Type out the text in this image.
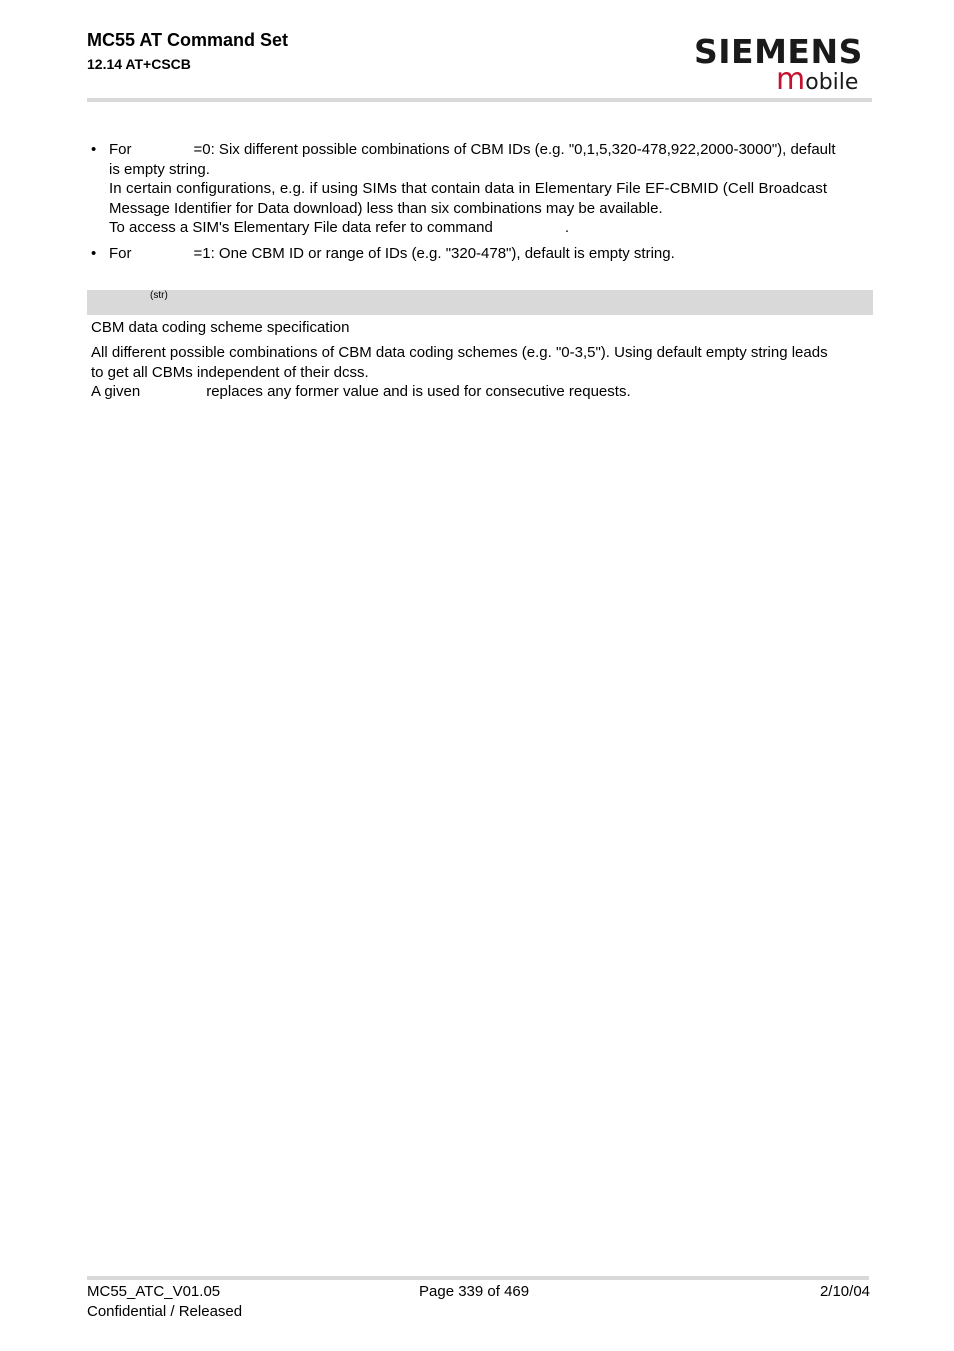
MC55 AT Command Set
12.14 AT+CSCB	SIEMENS
mobile
• For	=0: Six different possible combinations of CBM IDs (e.g. "0,1,5,320-478,922,2000-3000"), default
is empty string.
In certain configurations, e.g. if using SIMs that contain data in Elementary File EF-CBMID (Cell Broadcast
Message Identifier for Data download) less than six combinations may be available.
To access a SIM's Elementary File data refer to command	.
• For	=1: One CBM ID or range of IDs (e.g. "320-478"), default is empty string.
(str)
CBM data coding scheme specification
All different possible combinations of CBM data coding schemes (e.g. "0-3,5"). Using default empty string leads
to get all CBMs independent of their dcss.
A given	replaces any former value and is used for consecutive requests.
MC55_ATC_V01.05
Confidential / Released
Page 339 of 469	2/10/04
